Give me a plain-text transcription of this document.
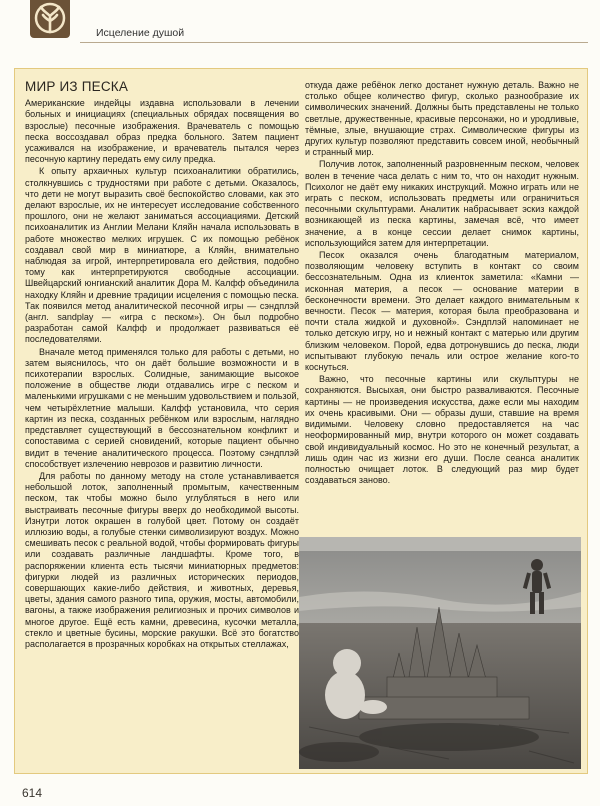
Исцеление душой
МИР ИЗ ПЕСКА

Американские индейцы издавна использовали в лечении больных и инициациях (специальных обрядах посвящения во взрослые) песочные изображения. Врачеватель с помощью песка воссоздавал образ предка больного. Затем пациент усаживался на изображение, и врачеватель пытался через песочную картину передать ему силу предка.

К опыту архаичных культур психоаналитики обратились, столкнувшись с трудностями при работе с детьми. Оказалось, что дети не могут выразить своё беспокойство словами, как это делают взрослые, их не интересует исследование собственного прошлого, они не желают заниматься ассоциациями. Детский психоаналитик из Англии Мелани Кляйн начала использовать в работе множество мелких игрушек. С их помощью ребёнок создавал свой мир в миниатюре, а Кляйн, внимательно наблюдая за игрой, интерпретировала его действия, подобно тому как интерпретируются свободные ассоциации. Швейцарский юнгианский аналитик Дора М. Калфф объединила находку Кляйн и древние традиции исцеления с помощью песка. Так появился метод аналитической песочной игры — сэндплэй (англ. sandplay — «игра с песком»). Он был подробно разработан самой Калфф и продолжает развиваться её последователями.

Вначале метод применялся только для работы с детьми, но затем выяснилось, что он даёт большие возможности и в психотерапии взрослых. Солидные, занимающие высокое положение в обществе люди отдавались игре с песком и маленькими игрушками с не меньшим удовольствием и пользой, чем четырёхлетние малыши. Калфф установила, что серия картин из песка, созданных ребёнком или взрослым, наглядно представляет существующий в бессознательном конфликт и сопоставима с серией сновидений, которые пациент обычно видит в течение аналитического процесса. Поэтому сэндплэй способствует излечению неврозов и развитию личности.

Для работы по данному методу на столе устанавливается небольшой лоток, заполненный промытым, качественным песком, так чтобы можно было углубляться в него или выстраивать песочные фигуры вверх до необходимой высоты. Изнутри лоток окрашен в голубой цвет. Потому он создаёт иллюзию воды, а голубые стенки символизируют воздух. Можно смешивать песок с реальной водой, чтобы формировать фигуры или создавать различные ландшафты. Кроме того, в распоряжении клиента есть тысячи миниатюрных предметов: фигурки людей из различных исторических периодов, совершающих какие-либо действия, и животных, деревья, цветы, здания самого разного типа, оружия, мосты, автомобили, вагоны, а также изображения религиозных и прочих символов и многое другое. Ещё есть камни, древесина, кусочки металла, стекло и цветные бусины, морские ракушки. Всё это богатство располагается в прозрачных коробках на открытых стеллажах,

откуда даже ребёнок легко достанет нужную деталь. Важно не столько общее количество фигур, сколько разнообразие их символических значений. Должны быть представлены не только светлые, дружественные, красивые персонажи, но и уродливые, тёмные, злые, внушающие страх. Символические фигуры из других культур позволяют представить совсем иной, необычный и странный мир.

Получив лоток, заполненный разровненным песком, человек волен в течение часа делать с ним то, что он находит нужным. Психолог не даёт ему никаких инструкций. Можно играть или не играть с песком, использовать предметы или ограничиться песочными скульптурами. Аналитик набрасывает эскиз каждой возникающей из песка картины, замечая всё, что имеет значение, а в конце сессии делает снимок картины, использующийся затем для интерпретации.

Песок оказался очень благодатным материалом, позволяющим человеку вступить в контакт со своим бессознательным. Одна из клиенток заметила: «Камни — исконная материя, а песок — основание материи в бесконечности времени. Это делает каждого внимательным к вечности. Песок — материя, которая была преобразована и почти стала жидкой и духовной». Сэндплэй напоминает не только детскую игру, но и нежный контакт с матерью или другим близким человеком. Порой, едва дотронувшись до песка, люди испытывают глубокую печаль или острое желание кого-то коснуться.

Важно, что песочные картины или скульптуры не сохраняются. Высыхая, они быстро разваливаются. Песочные картины — не произведения искусства, даже если мы находим их очень красивыми. Они — образы души, ставшие на время видимыми. Человеку словно предоставляется на час неоформированный мир, внутри которого он может создавать свой индивидуальный космос. Но это не конечный результат, а лишь один час из жизни его души. После сеанса аналитик полностью очищает лоток. В следующий раз мир будет создаваться заново.

614
